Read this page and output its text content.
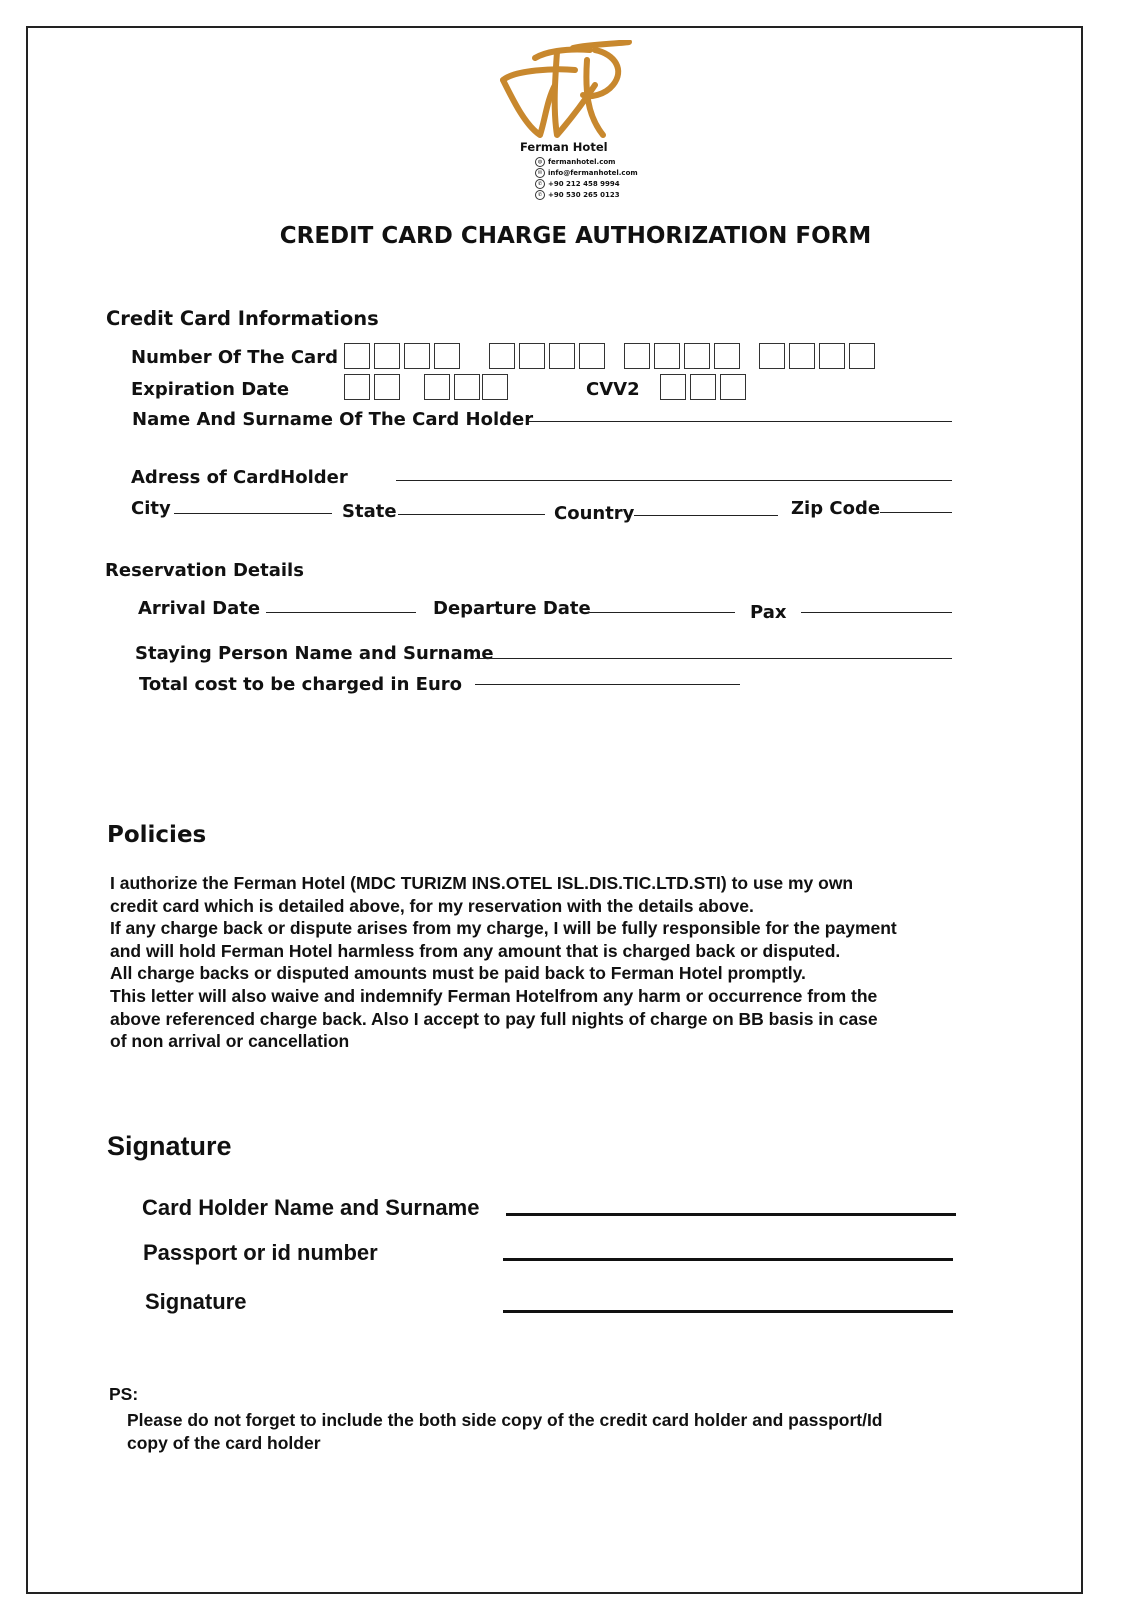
Ferman Hotel
◍ fermanhotel.com
✉ info@fermanhotel.com
✆ +90 212 458 9994
✆ +90 530 265 0123
CREDIT CARD CHARGE AUTHORIZATION FORM
Credit Card Informations
Number Of The Card
Expiration Date	CVV2
Name And Surname Of The Card Holder
Adress of CardHolder
City	State	Country	Zip Code
Reservation Details
Arrival Date	Departure Date	Pax
Staying Person Name and Surname
Total cost to be charged in Euro
Policies

I authorize the Ferman Hotel (MDC TURIZM INS.OTEL ISL.DIS.TIC.LTD.STI) to use my own

credit card which is detailed above, for my reservation with the details above.

If any charge back or dispute arises from my charge, I will be fully responsible for the payment

and will hold Ferman Hotel harmless from any amount that is charged back or disputed.

All charge backs or disputed amounts must be paid back to Ferman Hotel promptly.

This letter will also waive and indemnify Ferman Hotelfrom any harm or occurrence from the

above referenced charge back. Also I accept to pay full nights of charge on BB basis in case

of non arrival or cancellation

Signature
Card Holder Name and Surname
Passport or id number
Signature
PS:
Please do not forget to include the both side copy of the credit card holder and passport/Id
copy of the card holder
